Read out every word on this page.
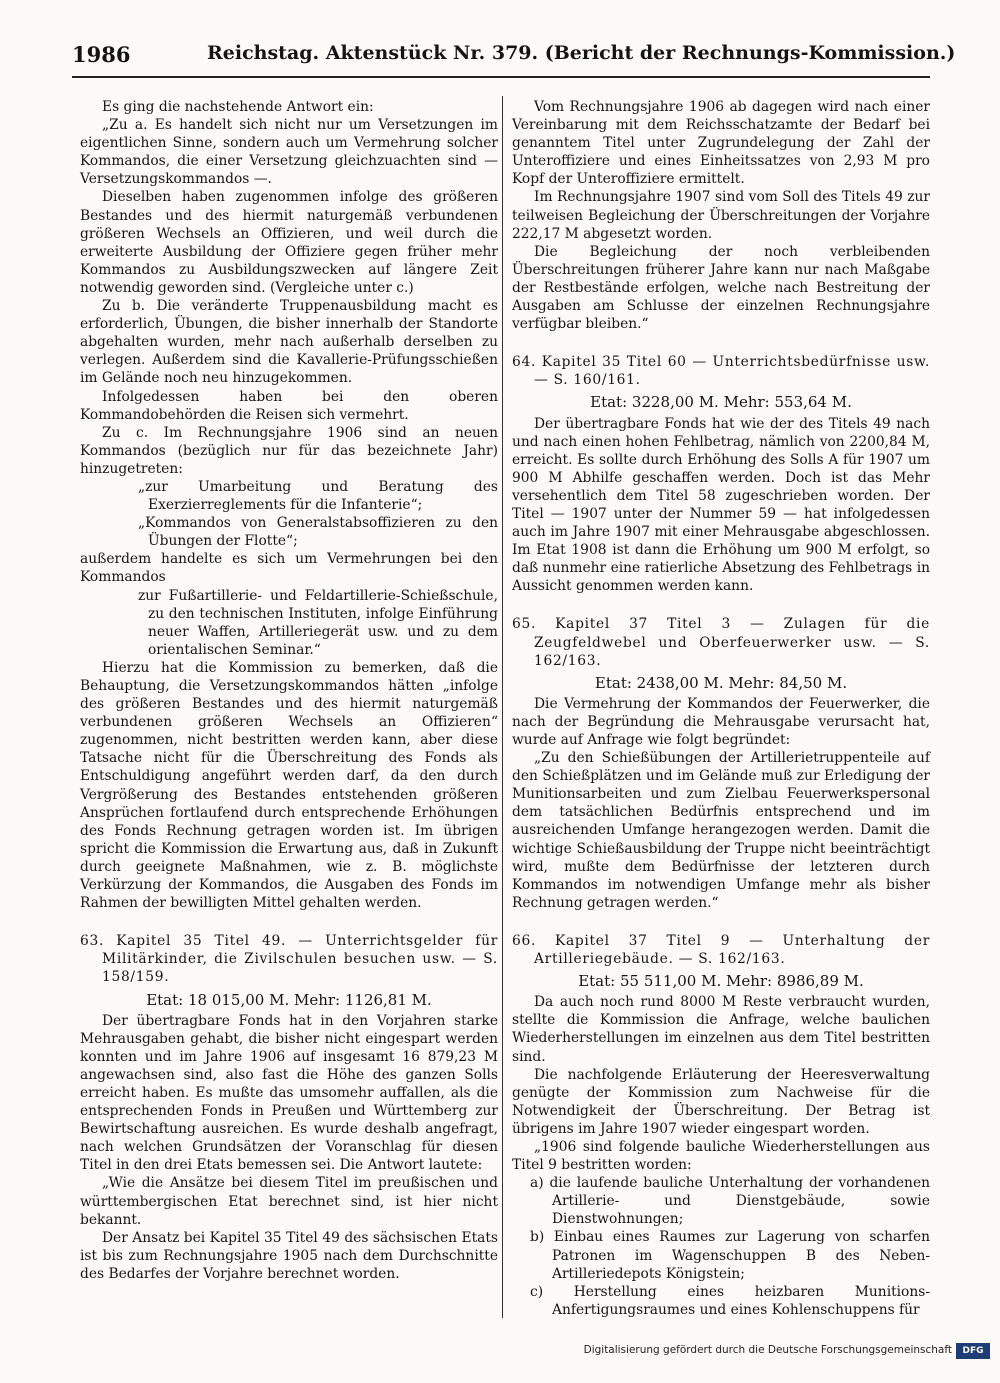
1986	Reichstag. Aktenstück Nr. 379. (Bericht der Rechnungs-Kommission.)

Es ging die nachstehende Antwort ein:

„Zu a. Es handelt sich nicht nur um Versetzungen im eigentlichen Sinne, sondern auch um Vermehrung solcher Kommandos, die einer Versetzung gleichzuachten sind — Versetzungskommandos —.

Dieselben haben zugenommen infolge des größeren Bestandes und des hiermit naturgemäß verbundenen größeren Wechsels an Offizieren, und weil durch die erweiterte Ausbildung der Offiziere gegen früher mehr Kommandos zu Ausbildungszwecken auf längere Zeit notwendig geworden sind. (Vergleiche unter c.)

Zu b. Die veränderte Truppenausbildung macht es erforderlich, Übungen, die bisher innerhalb der Standorte abgehalten wurden, mehr nach außerhalb derselben zu verlegen. Außerdem sind die Kavallerie-Prüfungsschießen im Gelände noch neu hinzugekommen.

Infolgedessen haben bei den oberen Kommandobehörden die Reisen sich vermehrt.

Zu c. Im Rechnungsjahre 1906 sind an neuen Kommandos (bezüglich nur für das bezeichnete Jahr) hinzugetreten:

„zur Umarbeitung und Beratung des Exerzierreglements für die Infanterie“;

„Kommandos von Generalstabsoffizieren zu den Übungen der Flotte“;

außerdem handelte es sich um Vermehrungen bei den Kommandos

zur Fußartillerie- und Feldartillerie-Schießschule, zu den technischen Instituten, infolge Einführung neuer Waffen, Artilleriegerät usw. und zu dem orientalischen Seminar.“

Hierzu hat die Kommission zu bemerken, daß die Behauptung, die Versetzungskommandos hätten „infolge des größeren Bestandes und des hiermit naturgemäß verbundenen größeren Wechsels an Offizieren“ zugenommen, nicht bestritten werden kann, aber diese Tatsache nicht für die Überschreitung des Fonds als Entschuldigung angeführt werden darf, da den durch Vergrößerung des Bestandes entstehenden größeren Ansprüchen fortlaufend durch entsprechende Erhöhungen des Fonds Rechnung getragen worden ist. Im übrigen spricht die Kommission die Erwartung aus, daß in Zukunft durch geeignete Maßnahmen, wie z. B. möglichste Verkürzung der Kommandos, die Ausgaben des Fonds im Rahmen der bewilligten Mittel gehalten werden.

63. Kapitel 35 Titel 49. — Unterrichtsgelder für Militärkinder, die Zivilschulen besuchen usw. — S. 158/159.

Etat: 18 015,00 M. Mehr: 1126,81 M.

Der übertragbare Fonds hat in den Vorjahren starke Mehrausgaben gehabt, die bisher nicht eingespart werden konnten und im Jahre 1906 auf insgesamt 16 879,23 M angewachsen sind, also fast die Höhe des ganzen Solls erreicht haben. Es mußte das umsomehr auffallen, als die entsprechenden Fonds in Preußen und Württemberg zur Bewirtschaftung ausreichen. Es wurde deshalb angefragt, nach welchen Grundsätzen der Voranschlag für diesen Titel in den drei Etats bemessen sei. Die Antwort lautete:

„Wie die Ansätze bei diesem Titel im preußischen und württembergischen Etat berechnet sind, ist hier nicht bekannt.

Der Ansatz bei Kapitel 35 Titel 49 des sächsischen Etats ist bis zum Rechnungsjahre 1905 nach dem Durchschnitte des Bedarfes der Vorjahre berechnet worden.

Vom Rechnungsjahre 1906 ab dagegen wird nach einer Vereinbarung mit dem Reichsschatzamte der Bedarf bei genanntem Titel unter Zugrundelegung der Zahl der Unteroffiziere und eines Einheitssatzes von 2,93 M pro Kopf der Unteroffiziere ermittelt.

Im Rechnungsjahre 1907 sind vom Soll des Titels 49 zur teilweisen Begleichung der Überschreitungen der Vorjahre 222,17 M abgesetzt worden.

Die Begleichung der noch verbleibenden Überschreitungen früherer Jahre kann nur nach Maßgabe der Restbestände erfolgen, welche nach Bestreitung der Ausgaben am Schlusse der einzelnen Rechnungsjahre verfügbar bleiben.“

64. Kapitel 35 Titel 60 — Unterrichtsbedürfnisse usw. — S. 160/161.

Etat: 3228,00 M. Mehr: 553,64 M.

Der übertragbare Fonds hat wie der des Titels 49 nach und nach einen hohen Fehlbetrag, nämlich von 2200,84 M, erreicht. Es sollte durch Erhöhung des Solls A für 1907 um 900 M Abhilfe geschaffen werden. Doch ist das Mehr versehentlich dem Titel 58 zugeschrieben worden. Der Titel — 1907 unter der Nummer 59 — hat infolgedessen auch im Jahre 1907 mit einer Mehrausgabe abgeschlossen. Im Etat 1908 ist dann die Erhöhung um 900 M erfolgt, so daß nunmehr eine ratierliche Absetzung des Fehlbetrags in Aussicht genommen werden kann.

65. Kapitel 37 Titel 3 — Zulagen für die Zeugfeldwebel und Oberfeuerwerker usw. — S. 162/163.

Etat: 2438,00 M. Mehr: 84,50 M.

Die Vermehrung der Kommandos der Feuerwerker, die nach der Begründung die Mehrausgabe verursacht hat, wurde auf Anfrage wie folgt begründet:

„Zu den Schießübungen der Artillerietruppenteile auf den Schießplätzen und im Gelände muß zur Erledigung der Munitionsarbeiten und zum Zielbau Feuerwerkspersonal dem tatsächlichen Bedürfnis entsprechend und im ausreichenden Umfange herangezogen werden. Damit die wichtige Schießausbildung der Truppe nicht beeinträchtigt wird, mußte dem Bedürfnisse der letzteren durch Kommandos im notwendigen Umfange mehr als bisher Rechnung getragen werden.“

66. Kapitel 37 Titel 9 — Unterhaltung der Artilleriegebäude. — S. 162/163.

Etat: 55 511,00 M. Mehr: 8986,89 M.

Da auch noch rund 8000 M Reste verbraucht wurden, stellte die Kommission die Anfrage, welche baulichen Wiederherstellungen im einzelnen aus dem Titel bestritten sind.

Die nachfolgende Erläuterung der Heeresverwaltung genügte der Kommission zum Nachweise für die Notwendigkeit der Überschreitung. Der Betrag ist übrigens im Jahre 1907 wieder eingespart worden.

„1906 sind folgende bauliche Wiederherstellungen aus Titel 9 bestritten worden:

a) die laufende bauliche Unterhaltung der vorhandenen Artillerie- und Dienstgebäude, sowie Dienstwohnungen;

b) Einbau eines Raumes zur Lagerung von scharfen Patronen im Wagenschuppen B des Neben-Artilleriedepots Königstein;

c) Herstellung eines heizbaren Munitions-Anfertigungsraumes und eines Kohlenschuppens für

Digitalisierung gefördert durch die Deutsche Forschungsgemeinschaft	DFG
